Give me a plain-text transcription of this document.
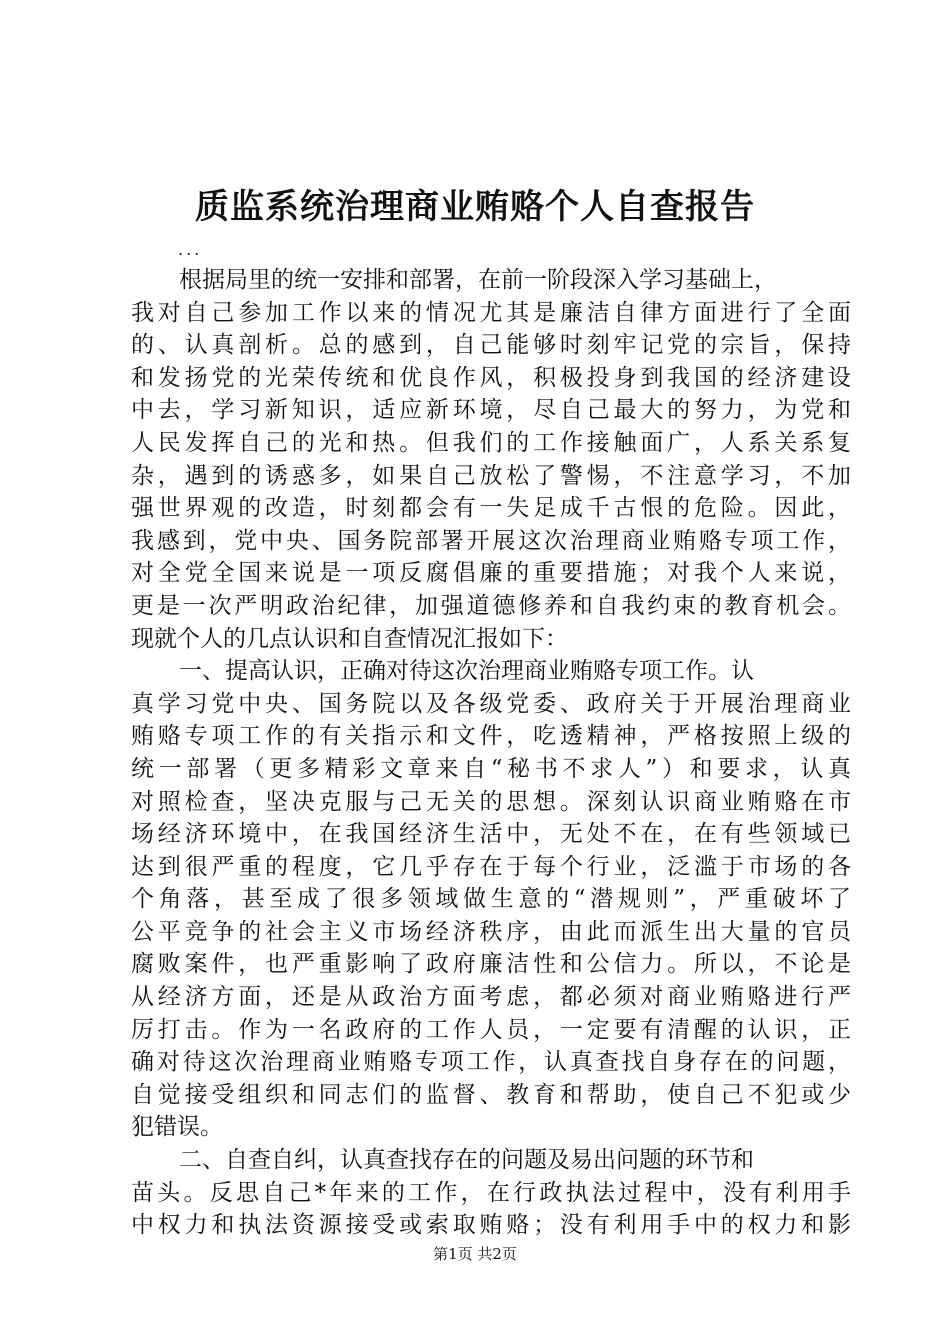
质监系统治理商业贿赂个人自查报告
...
根据局里的统一安排和部署，在前一阶段深入学习基础上，
我对自己参加工作以来的情况尤其是廉洁自律方面进行了全面
的、认真剖析。总的感到，自己能够时刻牢记党的宗旨，保持
和发扬党的光荣传统和优良作风，积极投身到我国的经济建设
中去，学习新知识，适应新环境，尽自己最大的努力，为党和
人民发挥自己的光和热。但我们的工作接触面广，人系关系复
杂，遇到的诱惑多，如果自己放松了警惕，不注意学习，不加
强世界观的改造，时刻都会有一失足成千古恨的危险。因此，
我感到，党中央、国务院部署开展这次治理商业贿赂专项工作，
对全党全国来说是一项反腐倡廉的重要措施；对我个人来说，
更是一次严明政治纪律，加强道德修养和自我约束的教育机会。
现就个人的几点认识和自查情况汇报如下：
一、提高认识，正确对待这次治理商业贿赂专项工作。认
真学习党中央、国务院以及各级党委、政府关于开展治理商业
贿赂专项工作的有关指示和文件，吃透精神，严格按照上级的
统一部署（更多精彩文章来自“秘书不求人”）和要求，认真
对照检查，坚决克服与己无关的思想。深刻认识商业贿赂在市
场经济环境中，在我国经济生活中，无处不在，在有些领域已
达到很严重的程度，它几乎存在于每个行业，泛滥于市场的各
个角落，甚至成了很多领域做生意的“潜规则”，严重破坏了
公平竞争的社会主义市场经济秩序，由此而派生出大量的官员
腐败案件，也严重影响了政府廉洁性和公信力。所以，不论是
从经济方面，还是从政治方面考虑，都必须对商业贿赂进行严
厉打击。作为一名政府的工作人员，一定要有清醒的认识，正
确对待这次治理商业贿赂专项工作，认真查找自身存在的问题，
自觉接受组织和同志们的监督、教育和帮助，使自己不犯或少
犯错误。
二、自查自纠，认真查找存在的问题及易出问题的环节和
苗头。反思自己*年来的工作，在行政执法过程中，没有利用手
中权力和执法资源接受或索取贿赂；没有利用手中的权力和影
第1页 共2页
